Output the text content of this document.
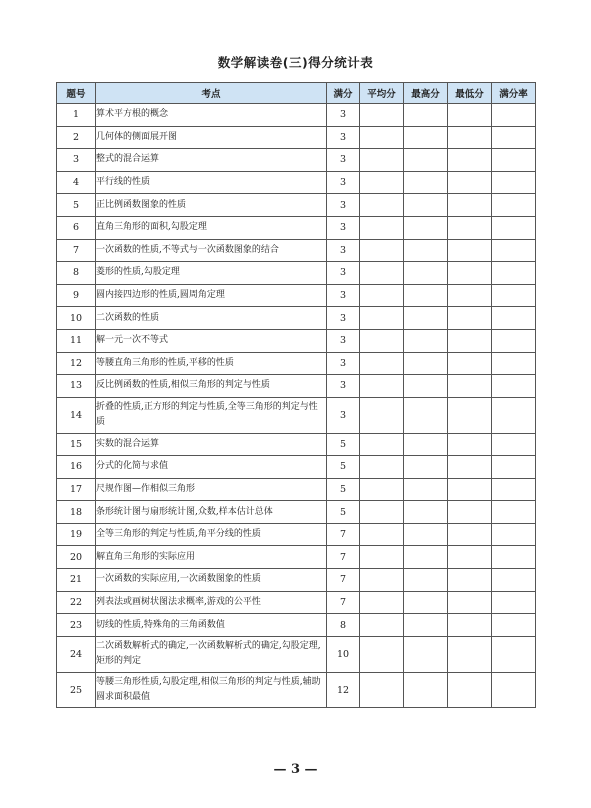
数学解读卷(三)得分统计表
题号	考点	满分	平均分	最高分	最低分	满分率
1	算术平方根的概念	3				
2	几何体的侧面展开图	3				
3	整式的混合运算	3				
4	平行线的性质	3				
5	正比例函数图象的性质	3				
6	直角三角形的面积,勾股定理	3				
7	一次函数的性质,不等式与一次函数图象的结合	3				
8	菱形的性质,勾股定理	3				
9	圆内接四边形的性质,圆周角定理	3				
10	二次函数的性质	3				
11	解一元一次不等式	3				
12	等腰直角三角形的性质,平移的性质	3				
13	反比例函数的性质,相似三角形的判定与性质	3				
14	折叠的性质,正方形的判定与性质,全等三角形的判定与性质	3				
15	实数的混合运算	5				
16	分式的化简与求值	5				
17	尺规作图—作相似三角形	5				
18	条形统计图与扇形统计图,众数,样本估计总体	5				
19	全等三角形的判定与性质,角平分线的性质	7				
20	解直角三角形的实际应用	7				
21	一次函数的实际应用,一次函数图象的性质	7				
22	列表法或画树状图法求概率,游戏的公平性	7				
23	切线的性质,特殊角的三角函数值	8				
24	二次函数解析式的确定,一次函数解析式的确定,勾股定理,矩形的判定	10				
25	等腰三角形性质,勾股定理,相似三角形的判定与性质,辅助圆求面积最值	12				
— 3 —
